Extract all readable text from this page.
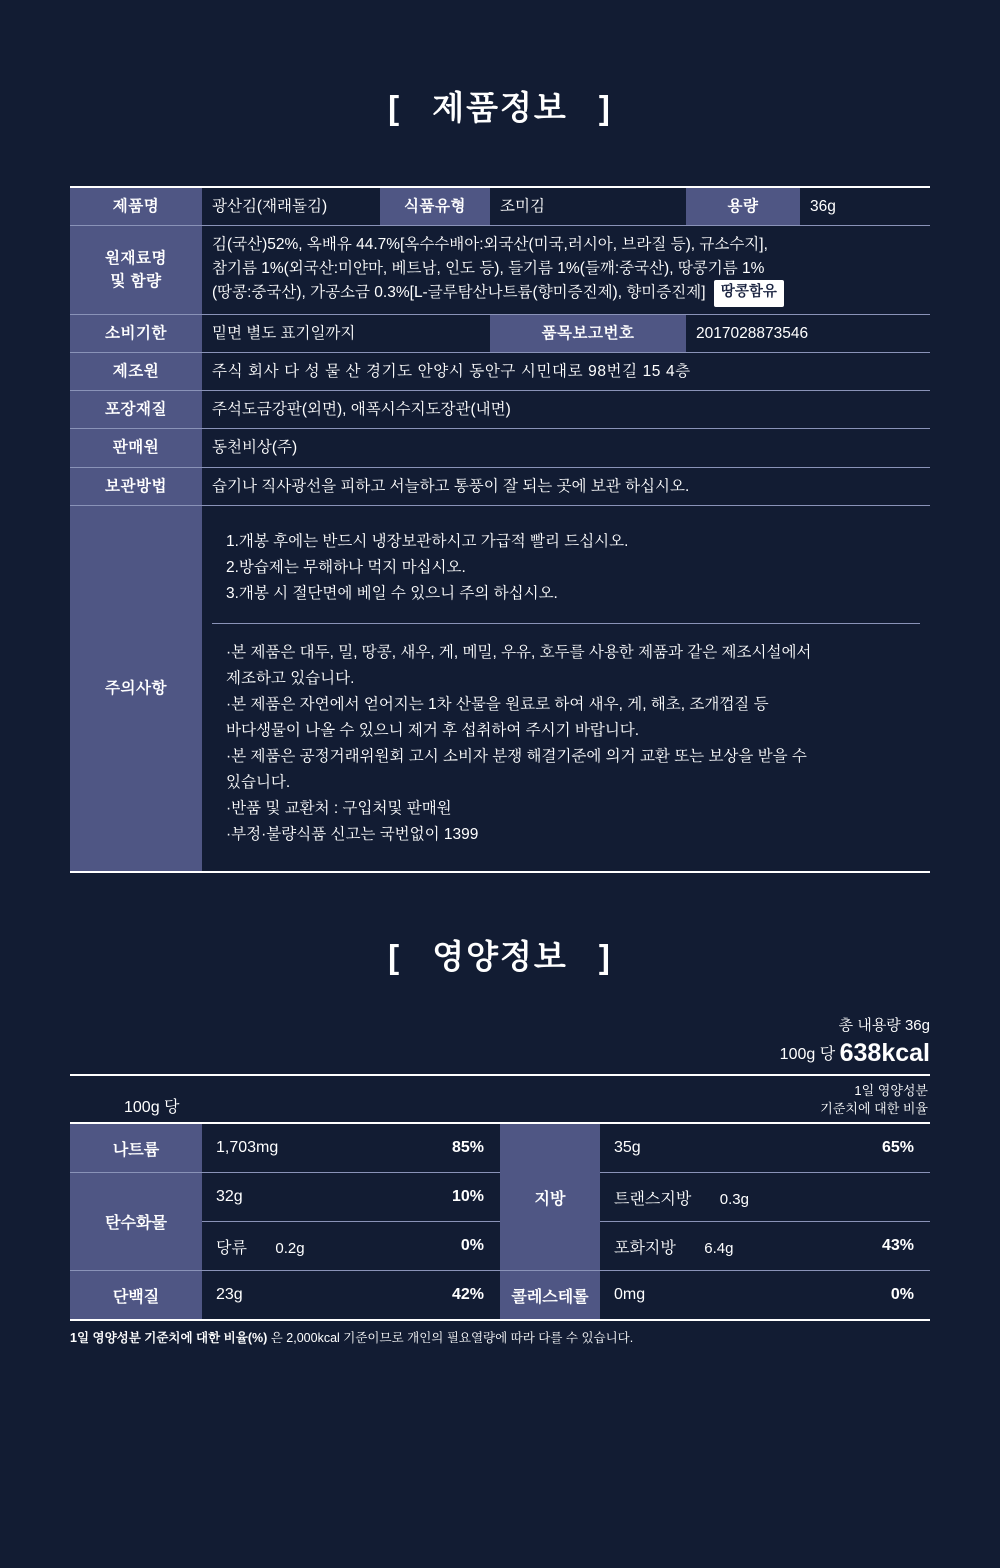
[ 제품정보 ]
제품명	광산김(재래돌김)	식품유형	조미김	용량	36g

원재료명
및 함량

김(국산)52%, 옥배유 44.7%[옥수수배아:외국산(미국,러시아, 브라질 등), 규소수지],
참기름 1%(외국산:미얀마, 베트남, 인도 등), 들기름 1%(들깨:중국산), 땅콩기름 1%
(땅콩:중국산), 가공소금 0.3%[L-글루탐산나트륨(향미증진제), 향미증진제] 땅콩함유

소비기한	밑면 별도 표기일까지		품목보고번호	2017028873546	
제조원	주식 회사 다 성 물 산 경기도 안양시 동안구 시민대로 98번길 15 4층				
포장재질	주석도금강판(외면), 애폭시수지도장관(내면)				
판매원	동천비상(주)				
보관방법	습기나 직사광선을 피하고 서늘하고 통풍이 잘 되는 곳에 보관 하십시오.				
주의사항	

1.개봉 후에는 반드시 냉장보관하시고 가급적 빨리 드십시오.

2.방습제는 무해하나 먹지 마십시오.

3.개봉 시 절단면에 베일 수 있으니 주의 하십시오.

·본 제품은 대두, 밀, 땅콩, 새우, 게, 메밀, 우유, 호두를 사용한 제품과 같은 제조시설에서

제조하고 있습니다.

·본 제품은 자연에서 얻어지는 1차 산물을 원료로 하여 새우, 게, 해초, 조개껍질 등

바다생물이 나올 수 있으니 제거 후 섭취하여 주시기 바랍니다.

·본 제품은 공정거래위원회 고시 소비자 분쟁 해결기준에 의거 교환 또는 보상을 받을 수

있습니다.

·반품 및 교환처 : 구입처및 판매원

·부정·불량식품 신고는 국번없이 1399

[ 영양정보 ]
총 내용량 36g
100g 당 638kcal
100g 당
1일 영양성분
기준치에 대한 비율
나트륨	1,703mg	85%	지방	35g	65%
탄수화물	32g	10%		트랜스지방 0.3g	
	당류 0.2g	0%		포화지방 6.4g	43%
단백질	23g	42%	콜레스테롤	0mg	0%
1일 영양성분 기준치에 대한 비율(%) 은 2,000kcal 기준이므로 개인의 필요열량에 따라 다를 수 있습니다.
